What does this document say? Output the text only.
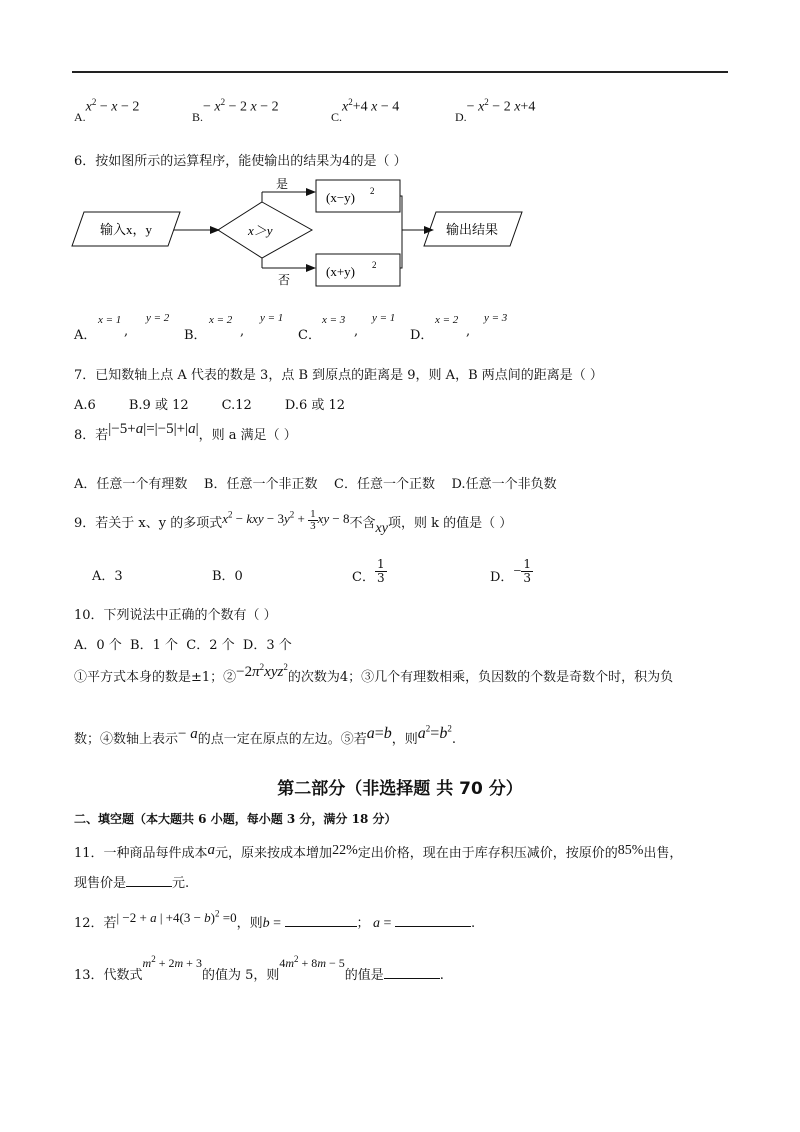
$A.x^2 - x - 2$
$B.- x^2 - 2$ x − 2
$C.x^2+4$ x − 4
$D.- x^2 - 2$ x+4
6．按如图所示的运算程序，能使输出的结果为4的是（ ）
输入x，y	x＞y
是
否
(x−y) 2
(x+y) 2
输出结果
A．
x = 1
,
y = 2
B．
x = 2
,
y = 1
C．
x = 3
,
y = 1
D．
x = 2
,
y = 3
7．已知数轴上点 A 代表的数是 3，点 B 到原点的距离是 9，则 A，B 两点间的距离是（ ）
A.6        B.9 或 12        C.12        D.6 或 12
8．若|−5+a|=|−5|+|a|，则 a 满足（ ）
A．任意一个有理数    B．任意一个非正数    C．任意一个正数    D.任意一个非负数
9．若关于 x、y 的多项式$x^2$ − kxy − $3y^2 + \frac{1}{3}$ xy − 8不含xy项，则 k 的值是（ ）
A．3	B．0	C． $\frac{1}{3}$	D．− $\frac{1}{3}$
10．下列说法中正确的个数有（ ）
A．0 个  B．1 个  C．2 个  D．3 个
①平方式本身的数是±1；$②-2\pi^2xyz^2$的次数为4；③几个有理数相乘，负因数的个数是奇数个时，积为负
数；④数轴上表示− a的点一定在原点的左边。⑤若a=b，则$a^2=b^2$.
第二部分（非选择题 共 70 分）
二、填空题（本大题共 6 小题，每小题 3 分，满分 18 分）
11．一种商品每件成本a元，原来按成本增加22%定出价格，现在由于库存积压减价，按原价的85%出售，
现售价是	元.
12．若| −2 + a | $+4(3 - b)^2 =0$，则b =	； a =	.
13．代数式$m^2 + 2m + 3$的值为 5，则$4m^2 + 8m - 5$的值是	.
